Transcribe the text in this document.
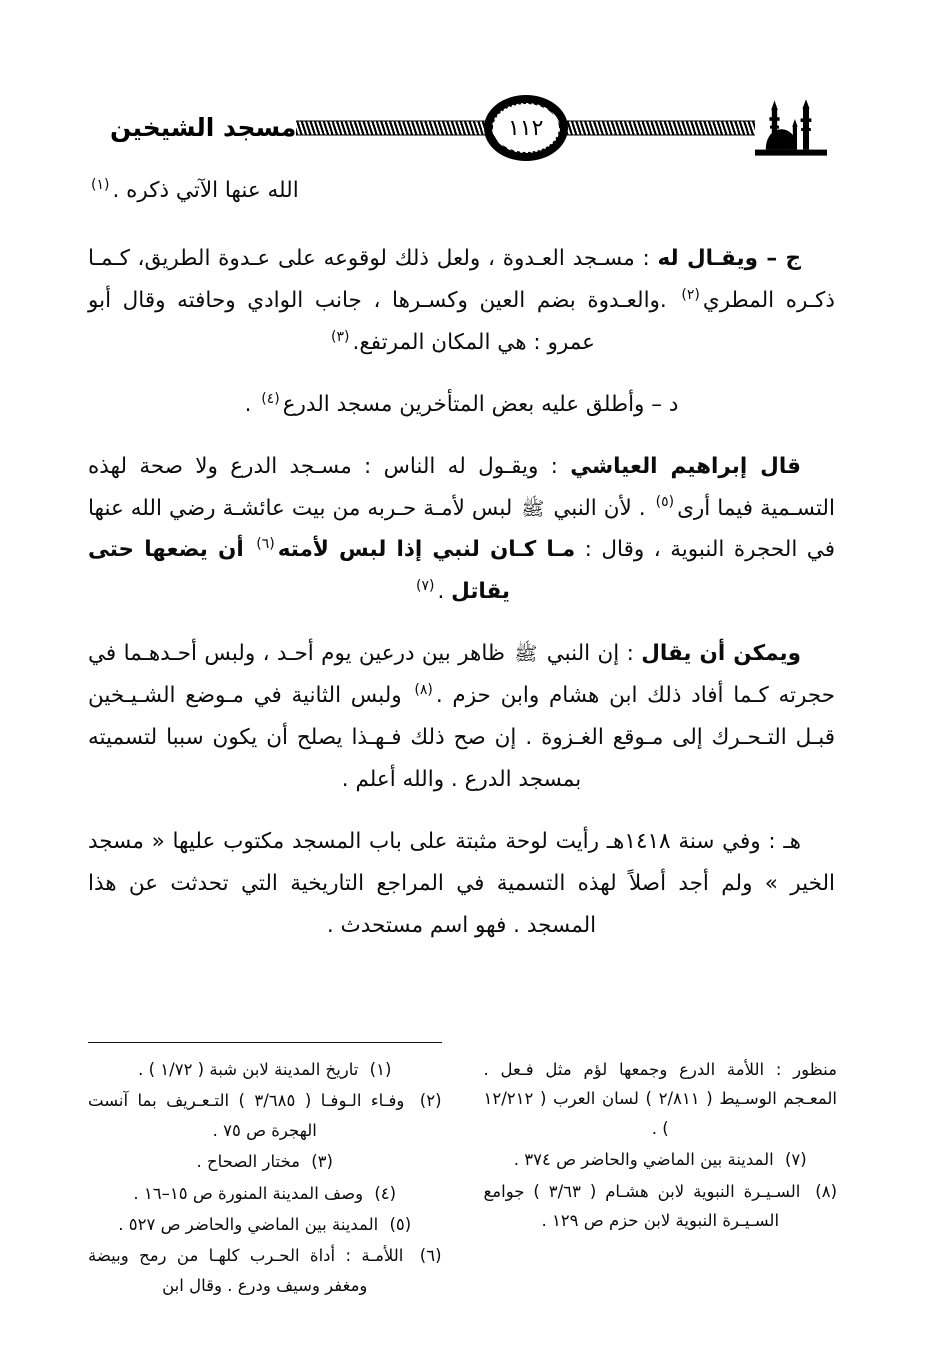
مسجد الشيخين	١١٢

الله عنها الآتي ذكره .$^{(١)}$

ج – ويقـال له : مسـجد العـدوة ، ولعل ذلك لوقوعه على عـدوة الطريق، كـمـا ذكـره المطري$^{(٢)}$ .والعـدوة بضم العين وكسـرها ، جانب الوادي وحافته وقال أبو عمرو : هي المكان المرتفع.$^{(٣)}$

د – وأطلق عليه بعض المتأخرين مسجد الدرع$^{(٤)}$ .

قال إبراهيم العياشي : ويقـول له الناس : مسـجد الدرع ولا صحة لهذه التسـمية فيما أرى$^{(٥)}$ . لأن النبي ﷺ لبس لأمـة حـربه من بيت عائشـة رضي الله عنها في الحجرة النبوية ، وقال : مـا كـان لنبي إذا لبس لأمته$^{(٦)}$ أن يضعها حتى يقاتل .$^{(٧)}$

ويمكن أن يقال : إن النبي ﷺ ظاهر بين درعين يوم أحـد ، ولبس أحـدهـما في حجرته كـما أفاد ذلك ابن هشام وابن حزم .$^{(٨)}$ ولبس الثانية في مـوضع الشـيـخين قبـل التـحـرك إلى مـوقع الغـزوة . إن صح ذلك فـهـذا يصلح أن يكون سببا لتسميته بمسجد الدرع . والله أعلم .

هـ : وفي سنة ١٤١٨هـ رأيت لوحة مثبتة على باب المسجد مكتوب عليها « مسجد الخير » ولم أجد أصلاً لهذه التسمية في المراجع التاريخية التي تحدثت عن هذا المسجد . فهو اسم مستحدث .

(١) تاريخ المدينة لابن شبة ( ١/٧٢ ) .

(٢) وفـاء الـوفـا ( ٣/٦٨٥ ) التـعـريف بما آنست الهجرة ص ٧٥ .

(٣) مختار الصحاح .

(٤) وصف المدينة المنورة ص ١٥–١٦ .

(٥) المدينة بين الماضي والحاضر ص ٥٢٧ .

(٦) اللأمـة : أداة الحـرب كلهـا من رمح وبيضة ومغفر وسيف ودرع . وقال ابن

منظور : اللأمة الدرع وجمعها لؤم مثل فـعل . المعـجم الوسـيط ( ٢/٨١١ ) لسان العرب ( ١٢/٢١٢ ) .

(٧) المدينة بين الماضي والحاضر ص ٣٧٤ .

(٨) السـيـرة النبوية لابن هشـام ( ٣/٦٣ ) جوامع السـيـرة النبوية لابن حزم ص ١٢٩ .
